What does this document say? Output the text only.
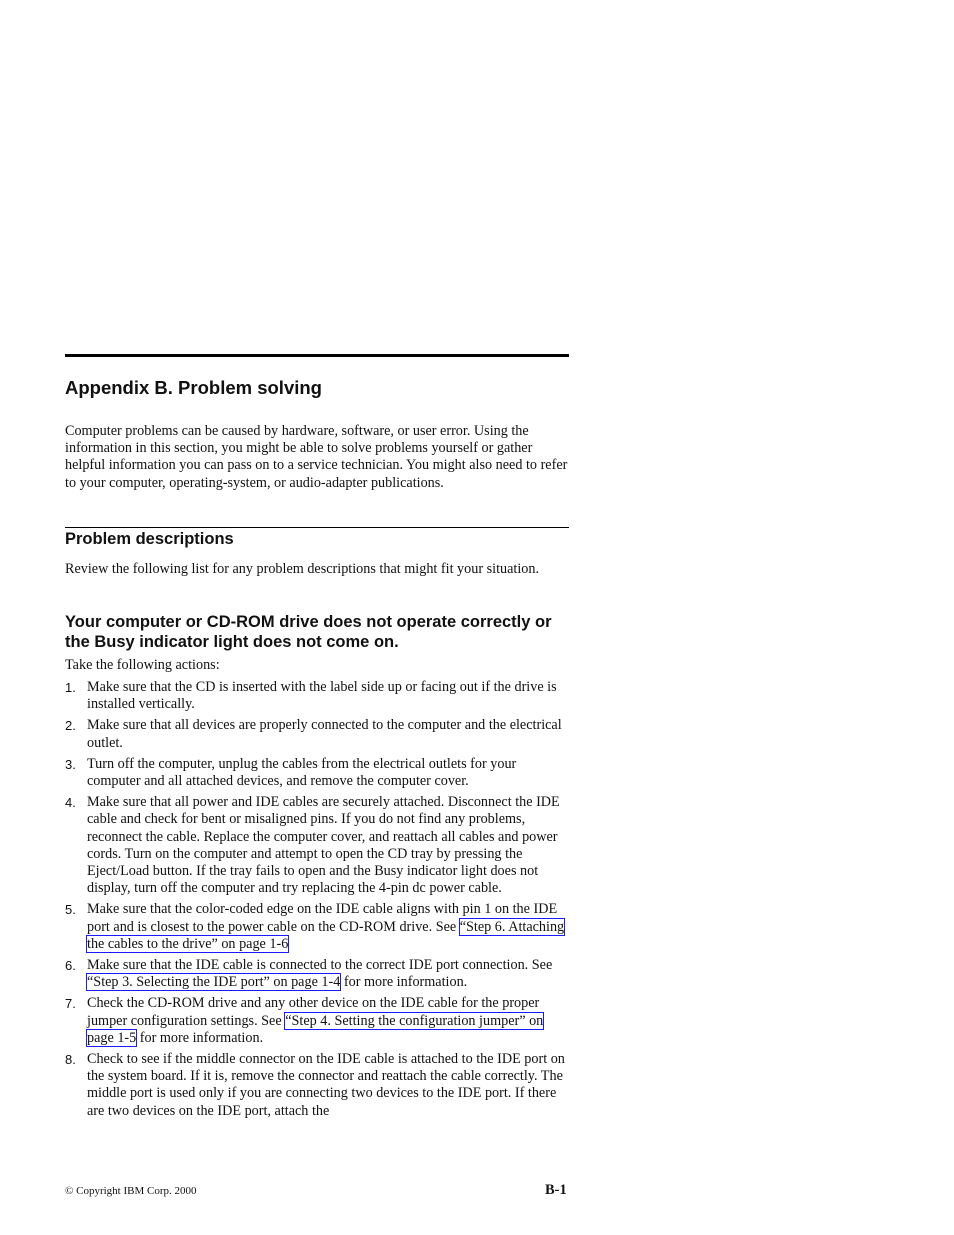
Appendix B. Problem solving
Computer problems can be caused by hardware, software, or user error. Using the information in this section, you might be able to solve problems yourself or gather helpful information you can pass on to a service technician. You might also need to refer to your computer, operating-system, or audio-adapter publications.
Problem descriptions
Review the following list for any problem descriptions that might fit your situation.
Your computer or CD-ROM drive does not operate correctly or the Busy indicator light does not come on.
Take the following actions:
1. Make sure that the CD is inserted with the label side up or facing out if the drive is installed vertically.
2. Make sure that all devices are properly connected to the computer and the electrical outlet.
3. Turn off the computer, unplug the cables from the electrical outlets for your computer and all attached devices, and remove the computer cover.
4. Make sure that all power and IDE cables are securely attached. Disconnect the IDE cable and check for bent or misaligned pins. If you do not find any problems, reconnect the cable. Replace the computer cover, and reattach all cables and power cords. Turn on the computer and attempt to open the CD tray by pressing the Eject/Load button. If the tray fails to open and the Busy indicator light does not display, turn off the computer and try replacing the 4-pin dc power cable.
5. Make sure that the color-coded edge on the IDE cable aligns with pin 1 on the IDE port and is closest to the power cable on the CD-ROM drive. See “Step 6. Attaching the cables to the drive” on page 1-6
6. Make sure that the IDE cable is connected to the correct IDE port connection. See “Step 3. Selecting the IDE port” on page 1-4 for more information.
7. Check the CD-ROM drive and any other device on the IDE cable for the proper jumper configuration settings. See “Step 4. Setting the configuration jumper” on page 1-5 for more information.
8. Check to see if the middle connector on the IDE cable is attached to the IDE port on the system board. If it is, remove the connector and reattach the cable correctly. The middle port is used only if you are connecting two devices to the IDE port. If there are two devices on the IDE port, attach the
© Copyright IBM Corp. 2000	B-1
